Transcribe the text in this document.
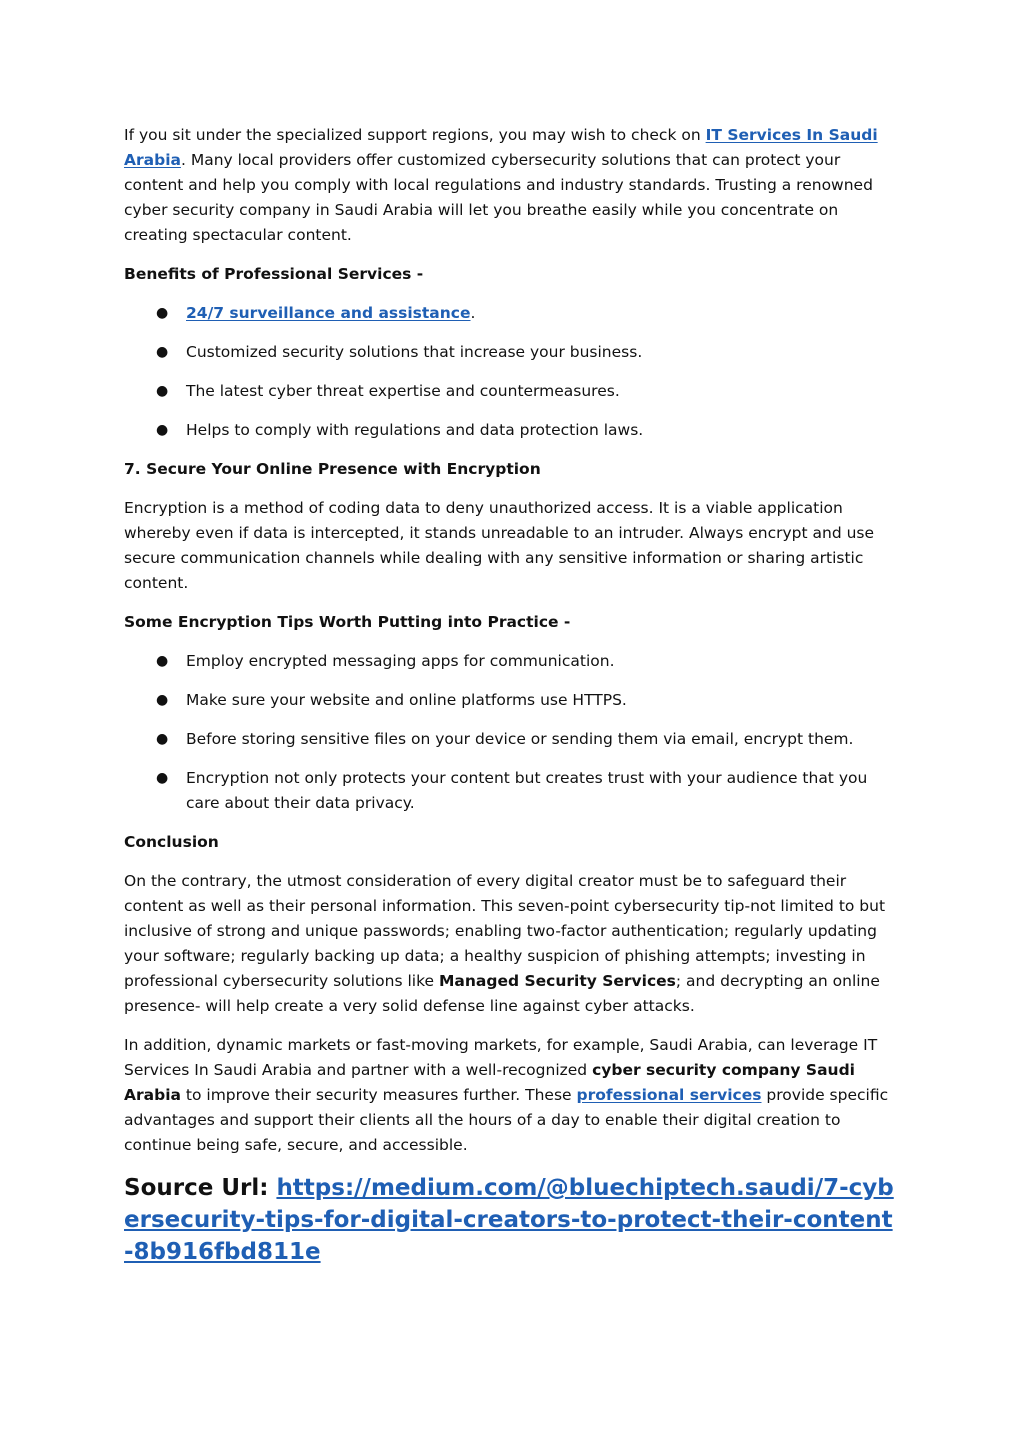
If you sit under the specialized support regions, you may wish to check on IT Services In Saudi Arabia. Many local providers offer customized cybersecurity solutions that can protect your content and help you comply with local regulations and industry standards. Trusting a renowned cyber security company in Saudi Arabia will let you breathe easily while you concentrate on creating spectacular content.

Benefits of Professional Services -

● 24/7 surveillance and assistance.
● Customized security solutions that increase your business.
● The latest cyber threat expertise and countermeasures.
● Helps to comply with regulations and data protection laws.

7. Secure Your Online Presence with Encryption

Encryption is a method of coding data to deny unauthorized access. It is a viable application whereby even if data is intercepted, it stands unreadable to an intruder. Always encrypt and use secure communication channels while dealing with any sensitive information or sharing artistic content.

Some Encryption Tips Worth Putting into Practice -

● Employ encrypted messaging apps for communication.
● Make sure your website and online platforms use HTTPS.
● Before storing sensitive files on your device or sending them via email, encrypt them.
● Encryption not only protects your content but creates trust with your audience that you care about their data privacy.

Conclusion

On the contrary, the utmost consideration of every digital creator must be to safeguard their content as well as their personal information. This seven-point cybersecurity tip-not limited to but inclusive of strong and unique passwords; enabling two-factor authentication; regularly updating your software; regularly backing up data; a healthy suspicion of phishing attempts; investing in professional cybersecurity solutions like Managed Security Services; and decrypting an online presence- will help create a very solid defense line against cyber attacks.

In addition, dynamic markets or fast-moving markets, for example, Saudi Arabia, can leverage IT Services In Saudi Arabia and partner with a well-recognized cyber security company Saudi Arabia to improve their security measures further. These professional services provide specific advantages and support their clients all the hours of a day to enable their digital creation to continue being safe, secure, and accessible.

Source Url: https://medium.com/@bluechiptech.saudi/7-cybersecurity-tips-for-digital-creators-to-protect-their-content-8b916fbd811e
